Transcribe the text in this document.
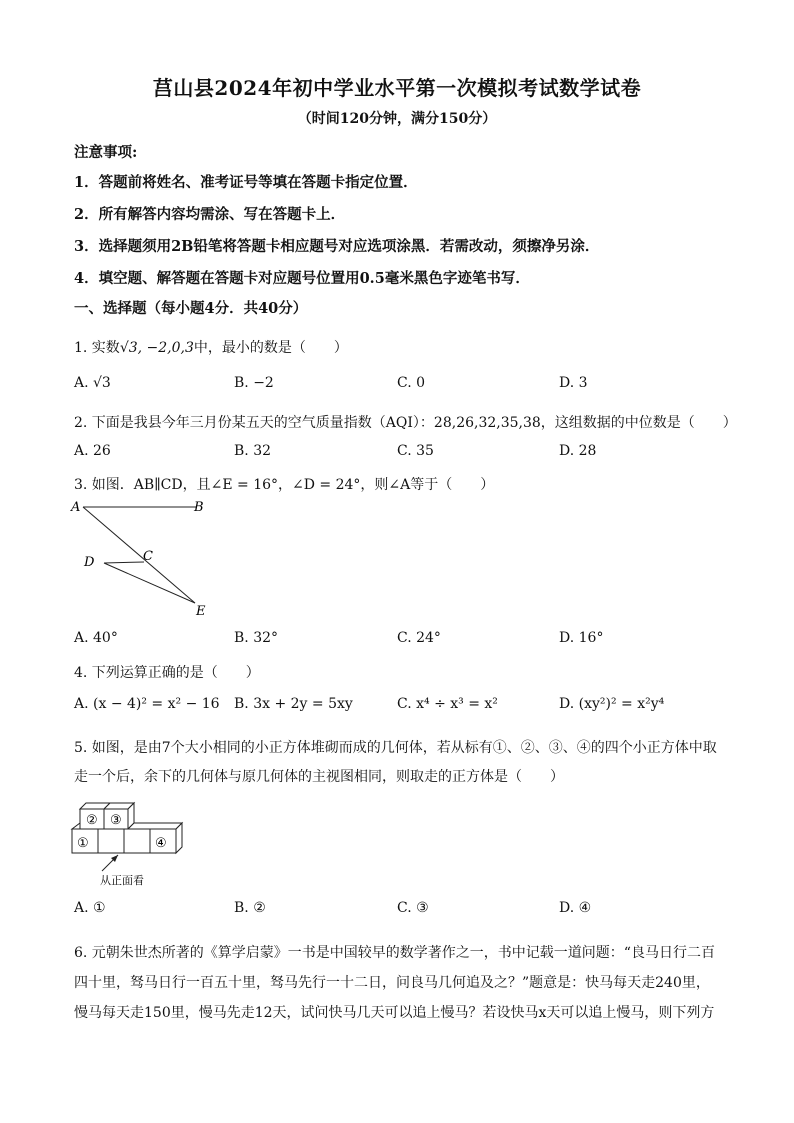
莒山县2024年初中学业水平第一次模拟考试数学试卷
（时间120分钟，满分150分）
注意事项:
1．答题前将姓名、准考证号等填在答题卡指定位置．
2．所有解答内容均需涂、写在答题卡上．
3．选择题须用2B铅笔将答题卡相应题号对应选项涂黑．若需改动，须擦净另涂．
4．填空题、解答题在答题卡对应题号位置用0.5毫米黑色字迹笔书写．
一、选择题（每小题4分．共40分）
1. 实数√3, −2,0,3中，最小的数是（　　）
A. √3	B. −2	C. 0	D. 3
2. 下面是我县今年三月份某五天的空气质量指数（AQI）：28,26,32,35,38，这组数据的中位数是（　　）
A. 26	B. 32	C. 35	D. 28
3. 如图．AB∥CD，且∠E = 16°，∠D = 24°，则∠A等于（　　）
A	B
C
D
E
A. 40°	B. 32°	C. 24°	D. 16°
4. 下列运算正确的是（　　）
A. (x − 4)² = x² − 16 B. 3x + 2y = 5xy	C. x⁴ ÷ x³ = x²	D. (xy²)² = x²y⁴
5. 如图，是由7个大小相同的小正方体堆砌而成的几何体，若从标有①、②、③、④的四个小正方体中取
走一个后，余下的几何体与原几何体的主视图相同，则取走的正方体是（　　）
② ③
①	④
从正面看
A. ①	B. ②	C. ③	D. ④
6. 元朝朱世杰所著的《算学启蒙》一书是中国较早的数学著作之一，书中记载一道问题：“良马日行二百
四十里，驽马日行一百五十里，驽马先行一十二日，问良马几何追及之？”题意是：快马每天走240里，
慢马每天走150里，慢马先走12天，试问快马几天可以追上慢马？若设快马x天可以追上慢马，则下列方
